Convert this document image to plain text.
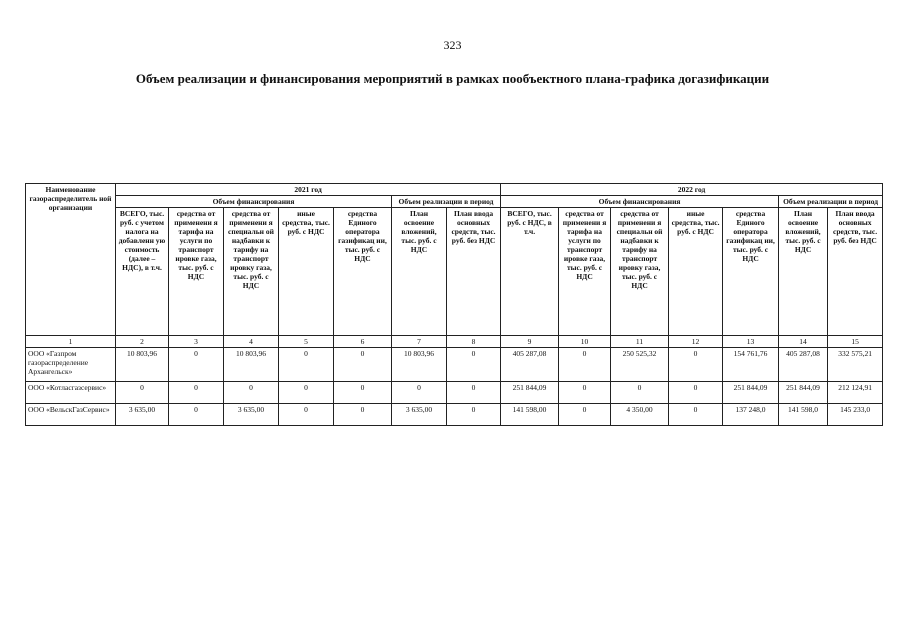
323
Объем реализации и финансирования мероприятий в рамках пообъектного плана-графика догазификации
Наименование газораспределитель ной организации	2021 год							2022 год						
	Объем финансирования					Объем реализации в период		Объем финансирования					Объем реализации в период	
	ВСЕГО, тыс. руб. с учетом налога на добавленн ую стоимость (далее – НДС), в т.ч.	средства от применени я тарифа на услуги по транспорт ировке газа, тыс. руб. с НДС	средства от применени я специальн ой надбавки к тарифу на транспорт ировку газа, тыс. руб. с НДС	иные средства, тыс. руб. с НДС	средства Единого оператора газификац ии, тыс. руб. с НДС	План освоение вложений, тыс. руб. с НДС	План ввода основных средств, тыс. руб. без НДС	ВСЕГО, тыс. руб. с НДС, в т.ч.	средства от применени я тарифа на услуги по транспорт ировке газа, тыс. руб. с НДС	средства от применени я специальн ой надбавки к тарифу на транспорт ировку газа, тыс. руб. с НДС	иные средства, тыс. руб. с НДС	средства Единого оператора газификац ии, тыс. руб. с НДС	План освоение вложений, тыс. руб. с НДС	План ввода основных средств, тыс. руб. без НДС
1	2	3	4	5	6	7	8	9	10	11	12	13	14	15
ООО «Газпром газораспределение Архангельск»	10 803,96	0	10 803,96	0	0	10 803,96	0	405 287,08	0	250 525,32	0	154 761,76	405 287,08	332 575,21
ООО «Котласгазсервис»	0	0	0	0	0	0	0	251 844,09	0	0	0	251 844,09	251 844,09	212 124,91
ООО «ВельскГазСервис»	3 635,00	0	3 635,00	0	0	3 635,00	0	141 598,00	0	4 350,00	0	137 248,0	141 598,0	145 233,0
